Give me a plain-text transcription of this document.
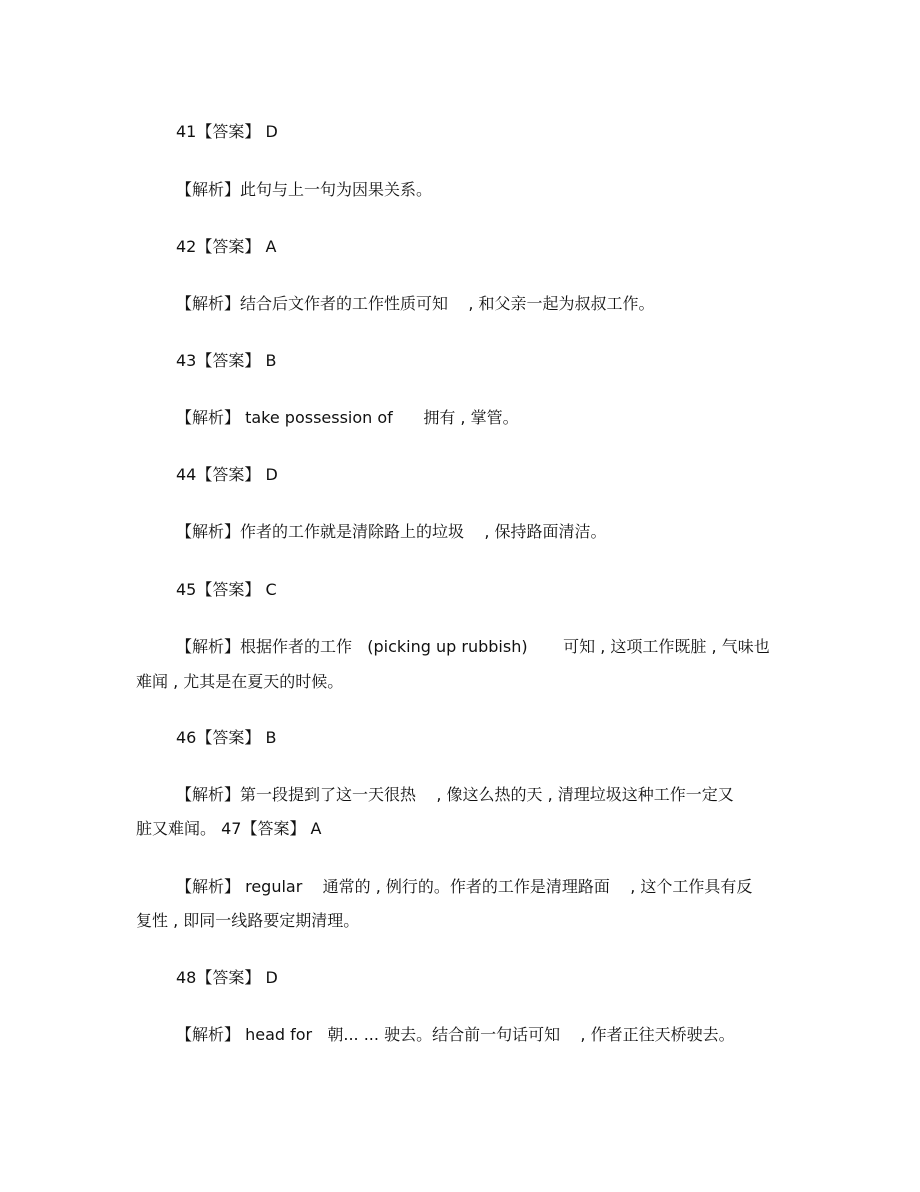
41【答案】 D
【解析】此句与上一句为因果关系。
42【答案】 A
【解析】结合后文作者的工作性质可知    , 和父亲一起为叔叔工作。
43【答案】 B
【解析】 take possession of      拥有 , 掌管。
44【答案】 D
【解析】作者的工作就是清除路上的垃圾    , 保持路面清洁。
45【答案】 C
【解析】根据作者的工作   (picking up rubbish)       可知 , 这项工作既脏 , 气味也
难闻 , 尤其是在夏天的时候。
46【答案】 B
【解析】第一段提到了这一天很热    , 像这么热的天 , 清理垃圾这种工作一定又
脏又难闻。 47【答案】 A
【解析】 regular    通常的 , 例行的。作者的工作是清理路面    , 这个工作具有反
复性 , 即同一线路要定期清理。
48【答案】 D
【解析】 head for   朝... ... 驶去。结合前一句话可知    , 作者正往天桥驶去。
